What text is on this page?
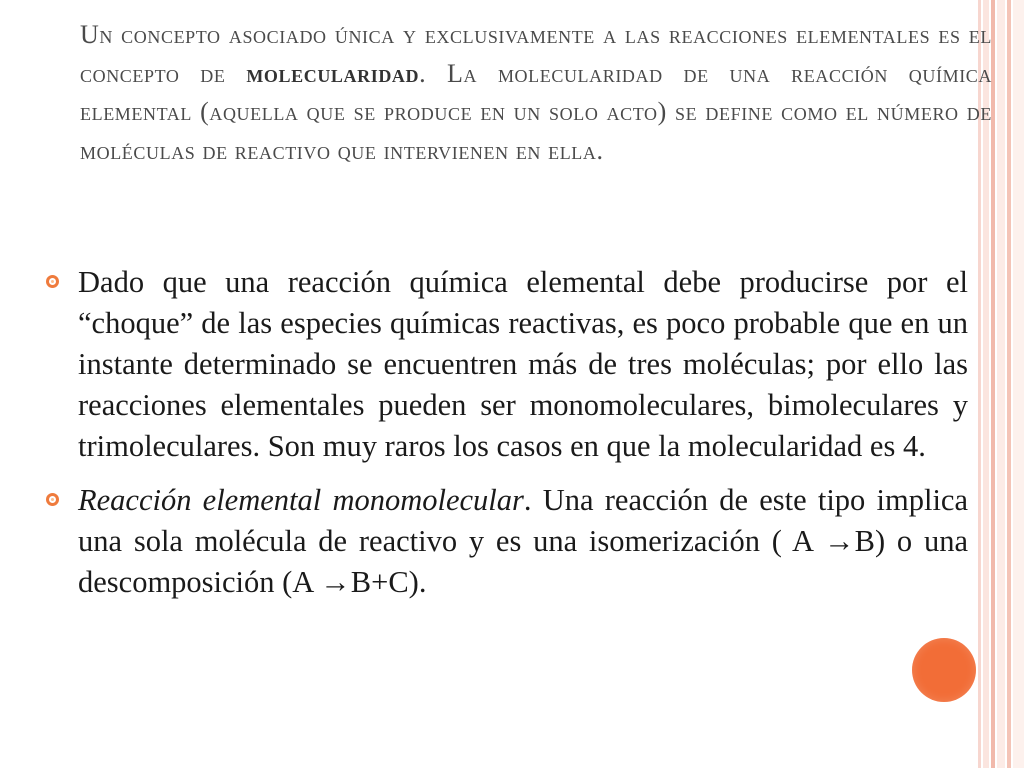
Un concepto asociado única y exclusivamente a las reacciones elementales es el concepto de molecularidad. La molecularidad de una reacción química elemental (aquella que se produce en un solo acto) se define como el número de moléculas de reactivo que intervienen en ella.

Dado que una reacción química elemental debe producirse por el “choque” de las especies químicas reactivas, es poco probable que en un instante determinado se encuentren más de tres moléculas; por ello las reacciones elementales pueden ser monomoleculares, bimoleculares y trimoleculares. Son muy raros los casos en que la molecularidad es 4.
Reacción elemental monomolecular. Una reacción de este tipo implica una sola molécula de reactivo y es una isomerización ( A →B) o una descomposición (A →B+C).
